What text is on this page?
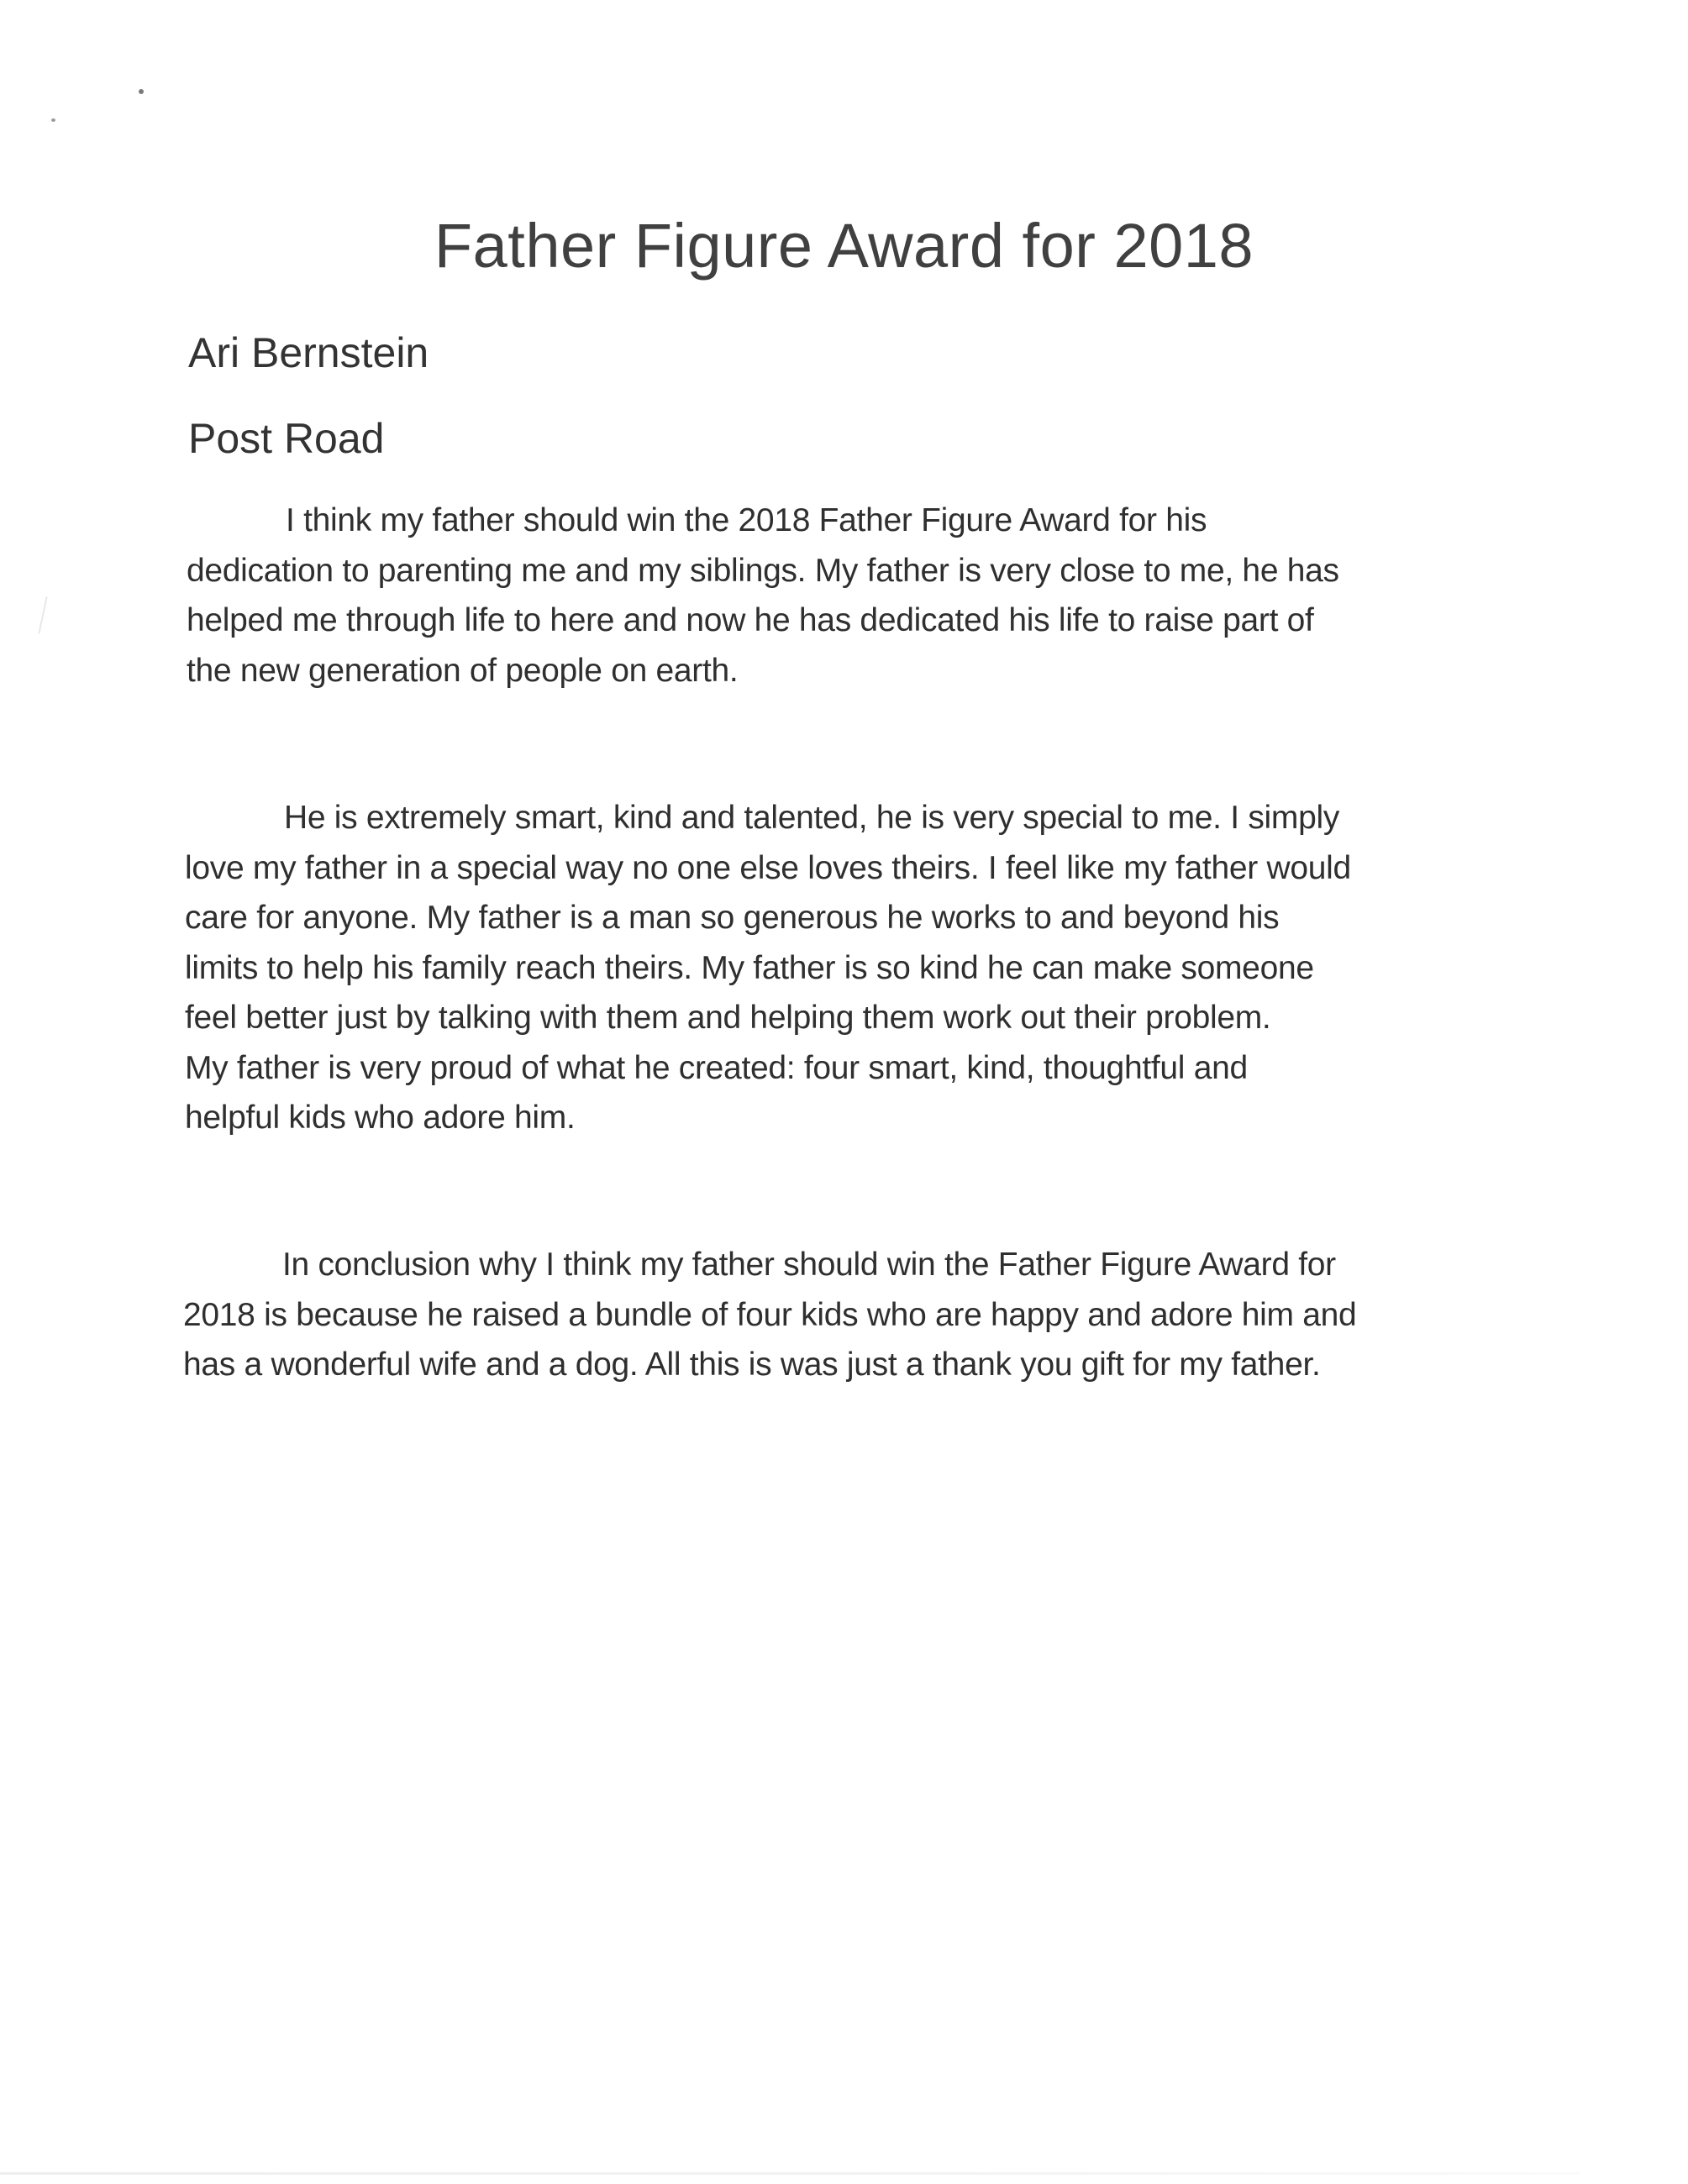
Father Figure Award for 2018

Ari Bernstein

Post Road

I think my father should win the 2018 Father Figure Award for his
dedication to parenting me and my siblings. My father is very close to me, he has
helped me through life to here and now he has dedicated his life to raise part of
the new generation of people on earth.
He is extremely smart, kind and talented, he is very special to me. I simply
love my father in a special way no one else loves theirs. I feel like my father would
care for anyone. My father is a man so generous he works to and beyond his
limits to help his family reach theirs. My father is so kind he can make someone
feel better just by talking with them and helping them work out their problem.
My father is very proud of what he created: four smart, kind, thoughtful and
helpful kids who adore him.
In conclusion why I think my father should win the Father Figure Award for
2018 is because he raised a bundle of four kids who are happy and adore him and
has a wonderful wife and a dog. All this is was just a thank you gift for my father.
